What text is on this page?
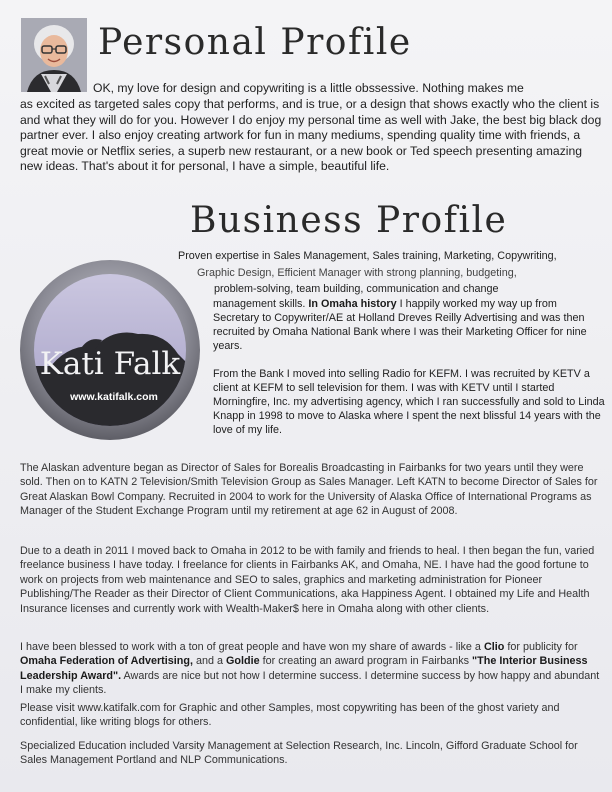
Personal Profile

OK, my love for design and copywriting is a little obssessive. Nothing makes me

as excited as targeted sales copy that performs, and is true, or a design that shows exactly who the client is and what they will do for you. However I do enjoy my personal time as well with Jake, the best big black dog partner ever. I also enjoy creating artwork for fun in many mediums, spending quality time with friends, a great movie or Netflix series, a superb new restaurant, or a new book or Ted speech presenting amazing new ideas. That's about it for personal, I have a simple, beautiful life.

Business Profile

Proven expertise in Sales Management, Sales training, Marketing, Copywriting,

Graphic Design, Efficient Manager with strong planning, budgeting,

problem-solving, team building, communication and change

management skills. In Omaha history I happily worked my way up from Secretary to Copywriter/AE at Holland Dreves Reilly Advertising and was then recruited by Omaha National Bank where I was their Marketing Officer for nine years.

From the Bank I moved into selling Radio for KEFM. I was recruited by KETV a client at KEFM to sell television for them. I was with KETV until I started Morningfire, Inc. my advertising agency, which I ran successfully and sold to Linda Knapp in 1998 to move to Alaska where I spent the next blissful 14 years with the love of my life.

Kati Falk
www.katifalk.com

The Alaskan adventure began as Director of Sales for Borealis Broadcasting in Fairbanks for two years until they were sold. Then on to KATN 2 Television/Smith Television Group as Sales Manager. Left KATN to become Director of Sales for Great Alaskan Bowl Company. Recruited in 2004 to work for the University of Alaska Office of International Programs as Manager of the Student Exchange Program until my retirement at age 62 in August of 2008.

Due to a death in 2011 I moved back to Omaha in 2012 to be with family and friends to heal. I then began the fun, varied freelance business I have today. I freelance for clients in Fairbanks AK, and Omaha, NE. I have had the good fortune to work on projects from web maintenance and SEO to sales, graphics and marketing administration for Pioneer Publishing/The Reader as their Director of Client Communications, aka Happiness Agent. I obtained my Life and Health Insurance licenses and currently work with Wealth-Maker$ here in Omaha along with other clients.

I have been blessed to work with a ton of great people and have won my share of awards - like a Clio for publicity for Omaha Federation of Advertising, and a Goldie for creating an award program in Fairbanks "The Interior Business Leadership Award". Awards are nice but not how I determine success. I determine success by how happy and abundant I make my clients.

Please visit www.katifalk.com for Graphic and other Samples, most copywriting has been of the ghost variety and confidential, like writing blogs for others.

Specialized Education included Varsity Management at Selection Research, Inc. Lincoln, Gifford Graduate School for Sales Management Portland and NLP Communications.
